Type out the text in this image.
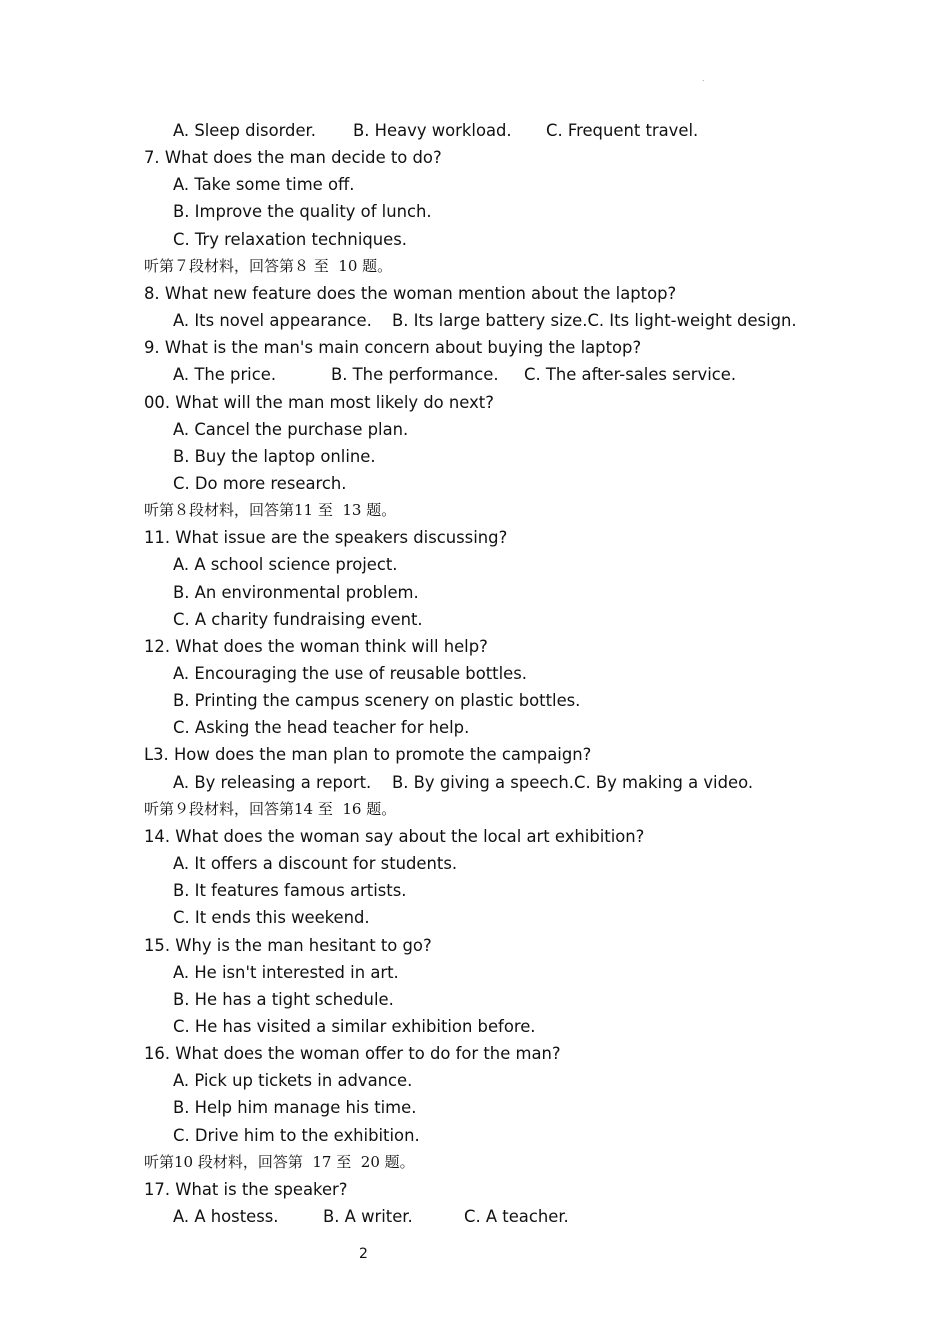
.
A. Sleep disorder. B. Heavy workload. C. Frequent travel.
7. What does the man decide to do?
A. Take some time off.
B. Improve the quality of lunch.
C. Try relaxation techniques.
听第７段材料，回答第８ 至  10 题。
8. What new feature does the woman mention about the laptop?
A. Its novel appearance. B. Its large battery size.C. Its light-weight design.
9. What is the man's main concern about buying the laptop?
A. The price.	B. The performance. C. The after-sales service.
00. What will the man most likely do next?
A. Cancel the purchase plan.
B. Buy the laptop online.
C. Do more research.
听第８段材料，回答第11 至  13 题。
11. What issue are the speakers discussing?
A. A school science project.
B. An environmental problem.
C. A charity fundraising event.
12. What does the woman think will help?
A. Encouraging the use of reusable bottles.
B. Printing the campus scenery on plastic bottles.
C. Asking the head teacher for help.
L3. How does the man plan to promote the campaign?
A. By releasing a report. B. By giving a speech.C. By making a video.
听第９段材料，回答第14 至  16 题。
14. What does the woman say about the local art exhibition?
A. It offers a discount for students.
B. It features famous artists.
C. It ends this weekend.
15. Why is the man hesitant to go?
A. He isn't interested in art.
B. He has a tight schedule.
C. He has visited a similar exhibition before.
16. What does the woman offer to do for the man?
A. Pick up tickets in advance.
B. Help him manage his time.
C. Drive him to the exhibition.
听第10 段材料，回答第  17 至  20 题。
17. What is the speaker?
A. A hostess.	B. A writer.	C. A teacher.
2
